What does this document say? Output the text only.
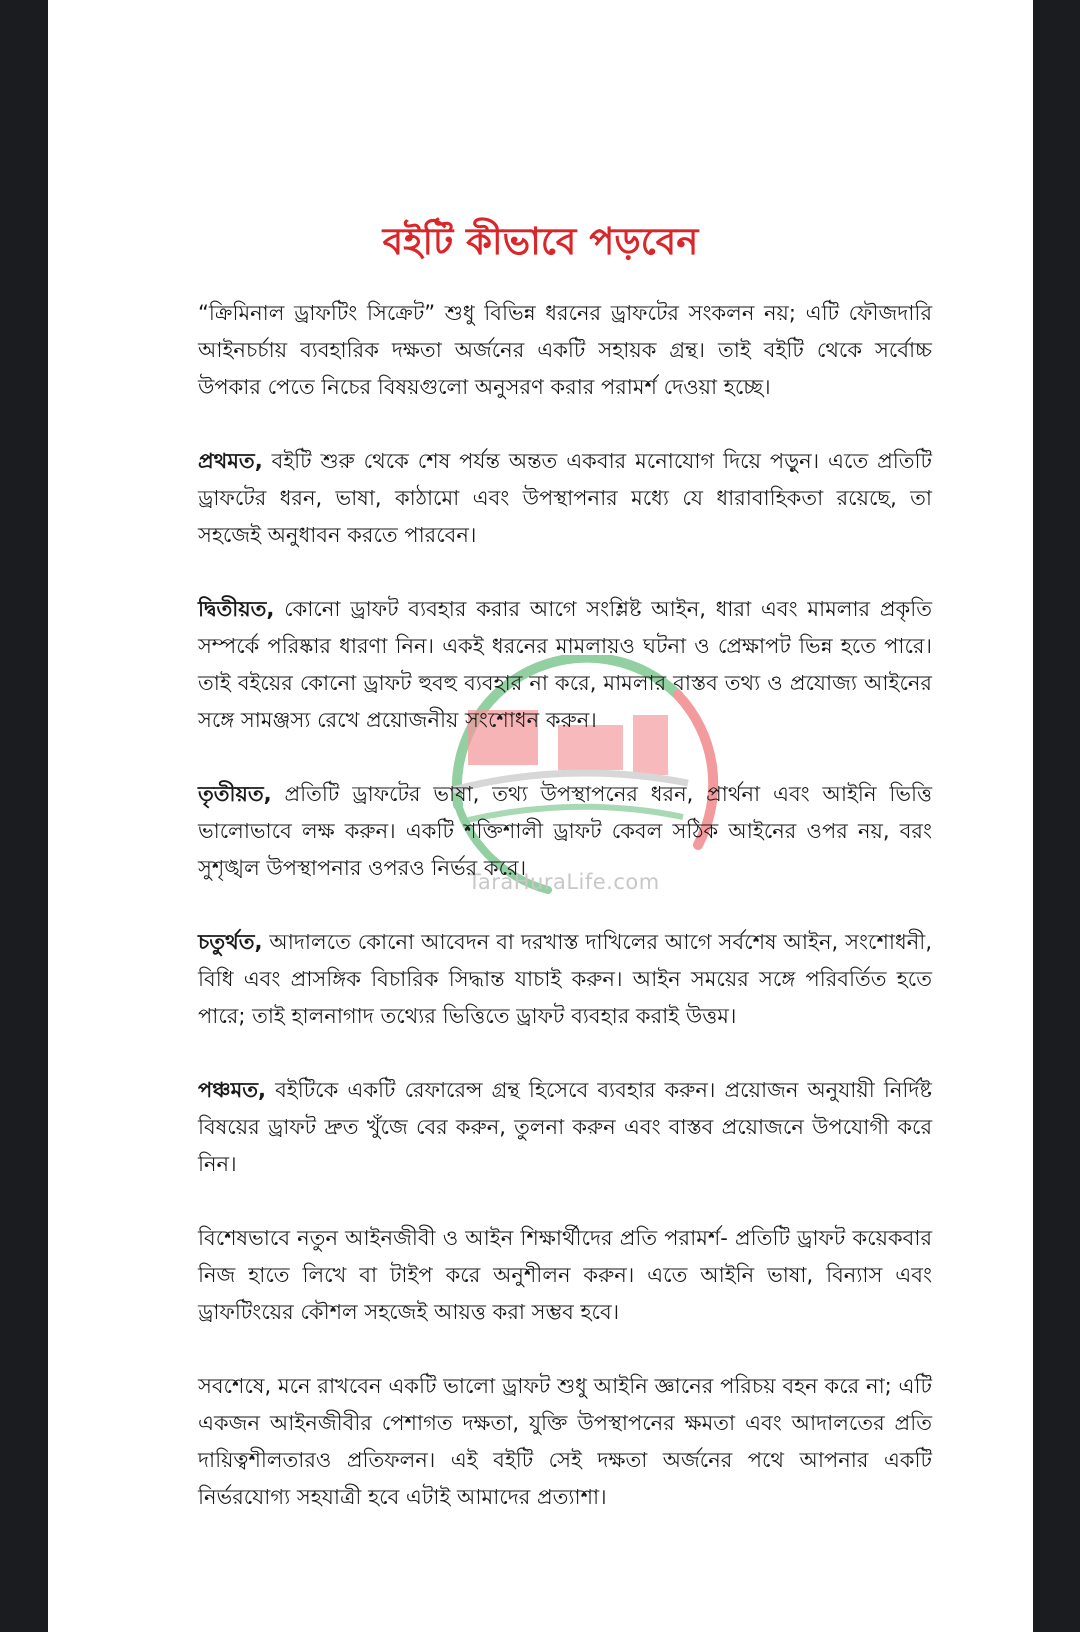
TaraHuraLife.com
বইটি কীভাবে পড়বেন

“ক্রিমিনাল ড্রাফটিং সিক্রেট” শুধু বিভিন্ন ধরনের ড্রাফটের সংকলন নয়; এটি ফৌজদারি আইনচর্চায় ব্যবহারিক দক্ষতা অর্জনের একটি সহায়ক গ্রন্থ। তাই বইটি থেকে সর্বোচ্চ উপকার পেতে নিচের বিষয়গুলো অনুসরণ করার পরামর্শ দেওয়া হচ্ছে।

প্রথমত, বইটি শুরু থেকে শেষ পর্যন্ত অন্তত একবার মনোযোগ দিয়ে পড়ুন। এতে প্রতিটি ড্রাফটের ধরন, ভাষা, কাঠামো এবং উপস্থাপনার মধ্যে যে ধারাবাহিকতা রয়েছে, তা সহজেই অনুধাবন করতে পারবেন।

দ্বিতীয়ত, কোনো ড্রাফট ব্যবহার করার আগে সংশ্লিষ্ট আইন, ধারা এবং মামলার প্রকৃতি সম্পর্কে পরিষ্কার ধারণা নিন। একই ধরনের মামলায়ও ঘটনা ও প্রেক্ষাপট ভিন্ন হতে পারে। তাই বইয়ের কোনো ড্রাফট হুবহু ব্যবহার না করে, মামলার বাস্তব তথ্য ও প্রযোজ্য আইনের সঙ্গে সামঞ্জস্য রেখে প্রয়োজনীয় সংশোধন করুন।

তৃতীয়ত, প্রতিটি ড্রাফটের ভাষা, তথ্য উপস্থাপনের ধরন, প্রার্থনা এবং আইনি ভিত্তি ভালোভাবে লক্ষ করুন। একটি শক্তিশালী ড্রাফট কেবল সঠিক আইনের ওপর নয়, বরং সুশৃঙ্খল উপস্থাপনার ওপরও নির্ভর করে।

চতুর্থত, আদালতে কোনো আবেদন বা দরখাস্ত দাখিলের আগে সর্বশেষ আইন, সংশোধনী, বিধি এবং প্রাসঙ্গিক বিচারিক সিদ্ধান্ত যাচাই করুন। আইন সময়ের সঙ্গে পরিবর্তিত হতে পারে; তাই হালনাগাদ তথ্যের ভিত্তিতে ড্রাফট ব্যবহার করাই উত্তম।

পঞ্চমত, বইটিকে একটি রেফারেন্স গ্রন্থ হিসেবে ব্যবহার করুন। প্রয়োজন অনুযায়ী নির্দিষ্ট বিষয়ের ড্রাফট দ্রুত খুঁজে বের করুন, তুলনা করুন এবং বাস্তব প্রয়োজনে উপযোগী করে নিন।

বিশেষভাবে নতুন আইনজীবী ও আইন শিক্ষার্থীদের প্রতি পরামর্শ- প্রতিটি ড্রাফট কয়েকবার নিজ হাতে লিখে বা টাইপ করে অনুশীলন করুন। এতে আইনি ভাষা, বিন্যাস এবং ড্রাফটিংয়ের কৌশল সহজেই আয়ত্ত করা সম্ভব হবে।

সবশেষে, মনে রাখবেন একটি ভালো ড্রাফট শুধু আইনি জ্ঞানের পরিচয় বহন করে না; এটি একজন আইনজীবীর পেশাগত দক্ষতা, যুক্তি উপস্থাপনের ক্ষমতা এবং আদালতের প্রতি দায়িত্বশীলতারও প্রতিফলন। এই বইটি সেই দক্ষতা অর্জনের পথে আপনার একটি নির্ভরযোগ্য সহযাত্রী হবে এটাই আমাদের প্রত্যাশা।
